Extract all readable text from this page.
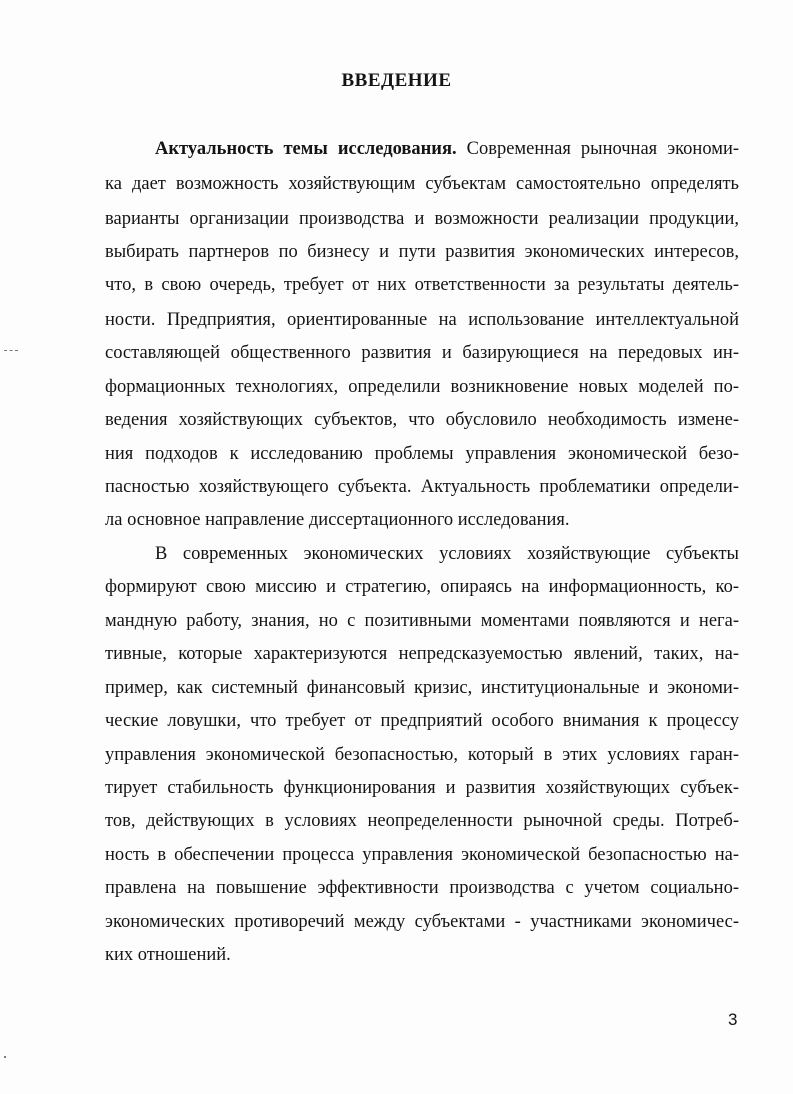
ВВЕДЕНИЕ

Актуальность темы исследования. Современная рыночная экономи-

ка дает возможность хозяйствующим субъектам самостоятельно определять

варианты организации производства и возможности реализации продукции,

выбирать партнеров по бизнесу и пути развития экономических интересов,

что, в свою очередь, требует от них ответственности за результаты деятель-

ности. Предприятия, ориентированные на использование интеллектуальной

составляющей общественного развития и базирующиеся на передовых ин-

формационных технологиях, определили возникновение новых моделей по-

ведения хозяйствующих субъектов, что обусловило необходимость измене-

ния подходов к исследованию проблемы управления экономической безо-

пасностью хозяйствующего субъекта. Актуальность проблематики определи-

ла основное направление диссертационного исследования.

В современных экономических условиях хозяйствующие субъекты

формируют свою миссию и стратегию, опираясь на информационность, ко-

мандную работу, знания, но с позитивными моментами появляются и нега-

тивные, которые характеризуются непредсказуемостью явлений, таких, на-

пример, как системный финансовый кризис, институциональные и экономи-

ческие ловушки, что требует от предприятий особого внимания к процессу

управления экономической безопасностью, который в этих условиях гаран-

тирует стабильность функционирования и развития хозяйствующих субъек-

тов, действующих в условиях неопределенности рыночной среды. Потреб-

ность в обеспечении процесса управления экономической безопасностью на-

правлена на повышение эффективности производства с учетом социально-

экономических противоречий между субъектами - участниками экономичес-

ких отношений.

3
